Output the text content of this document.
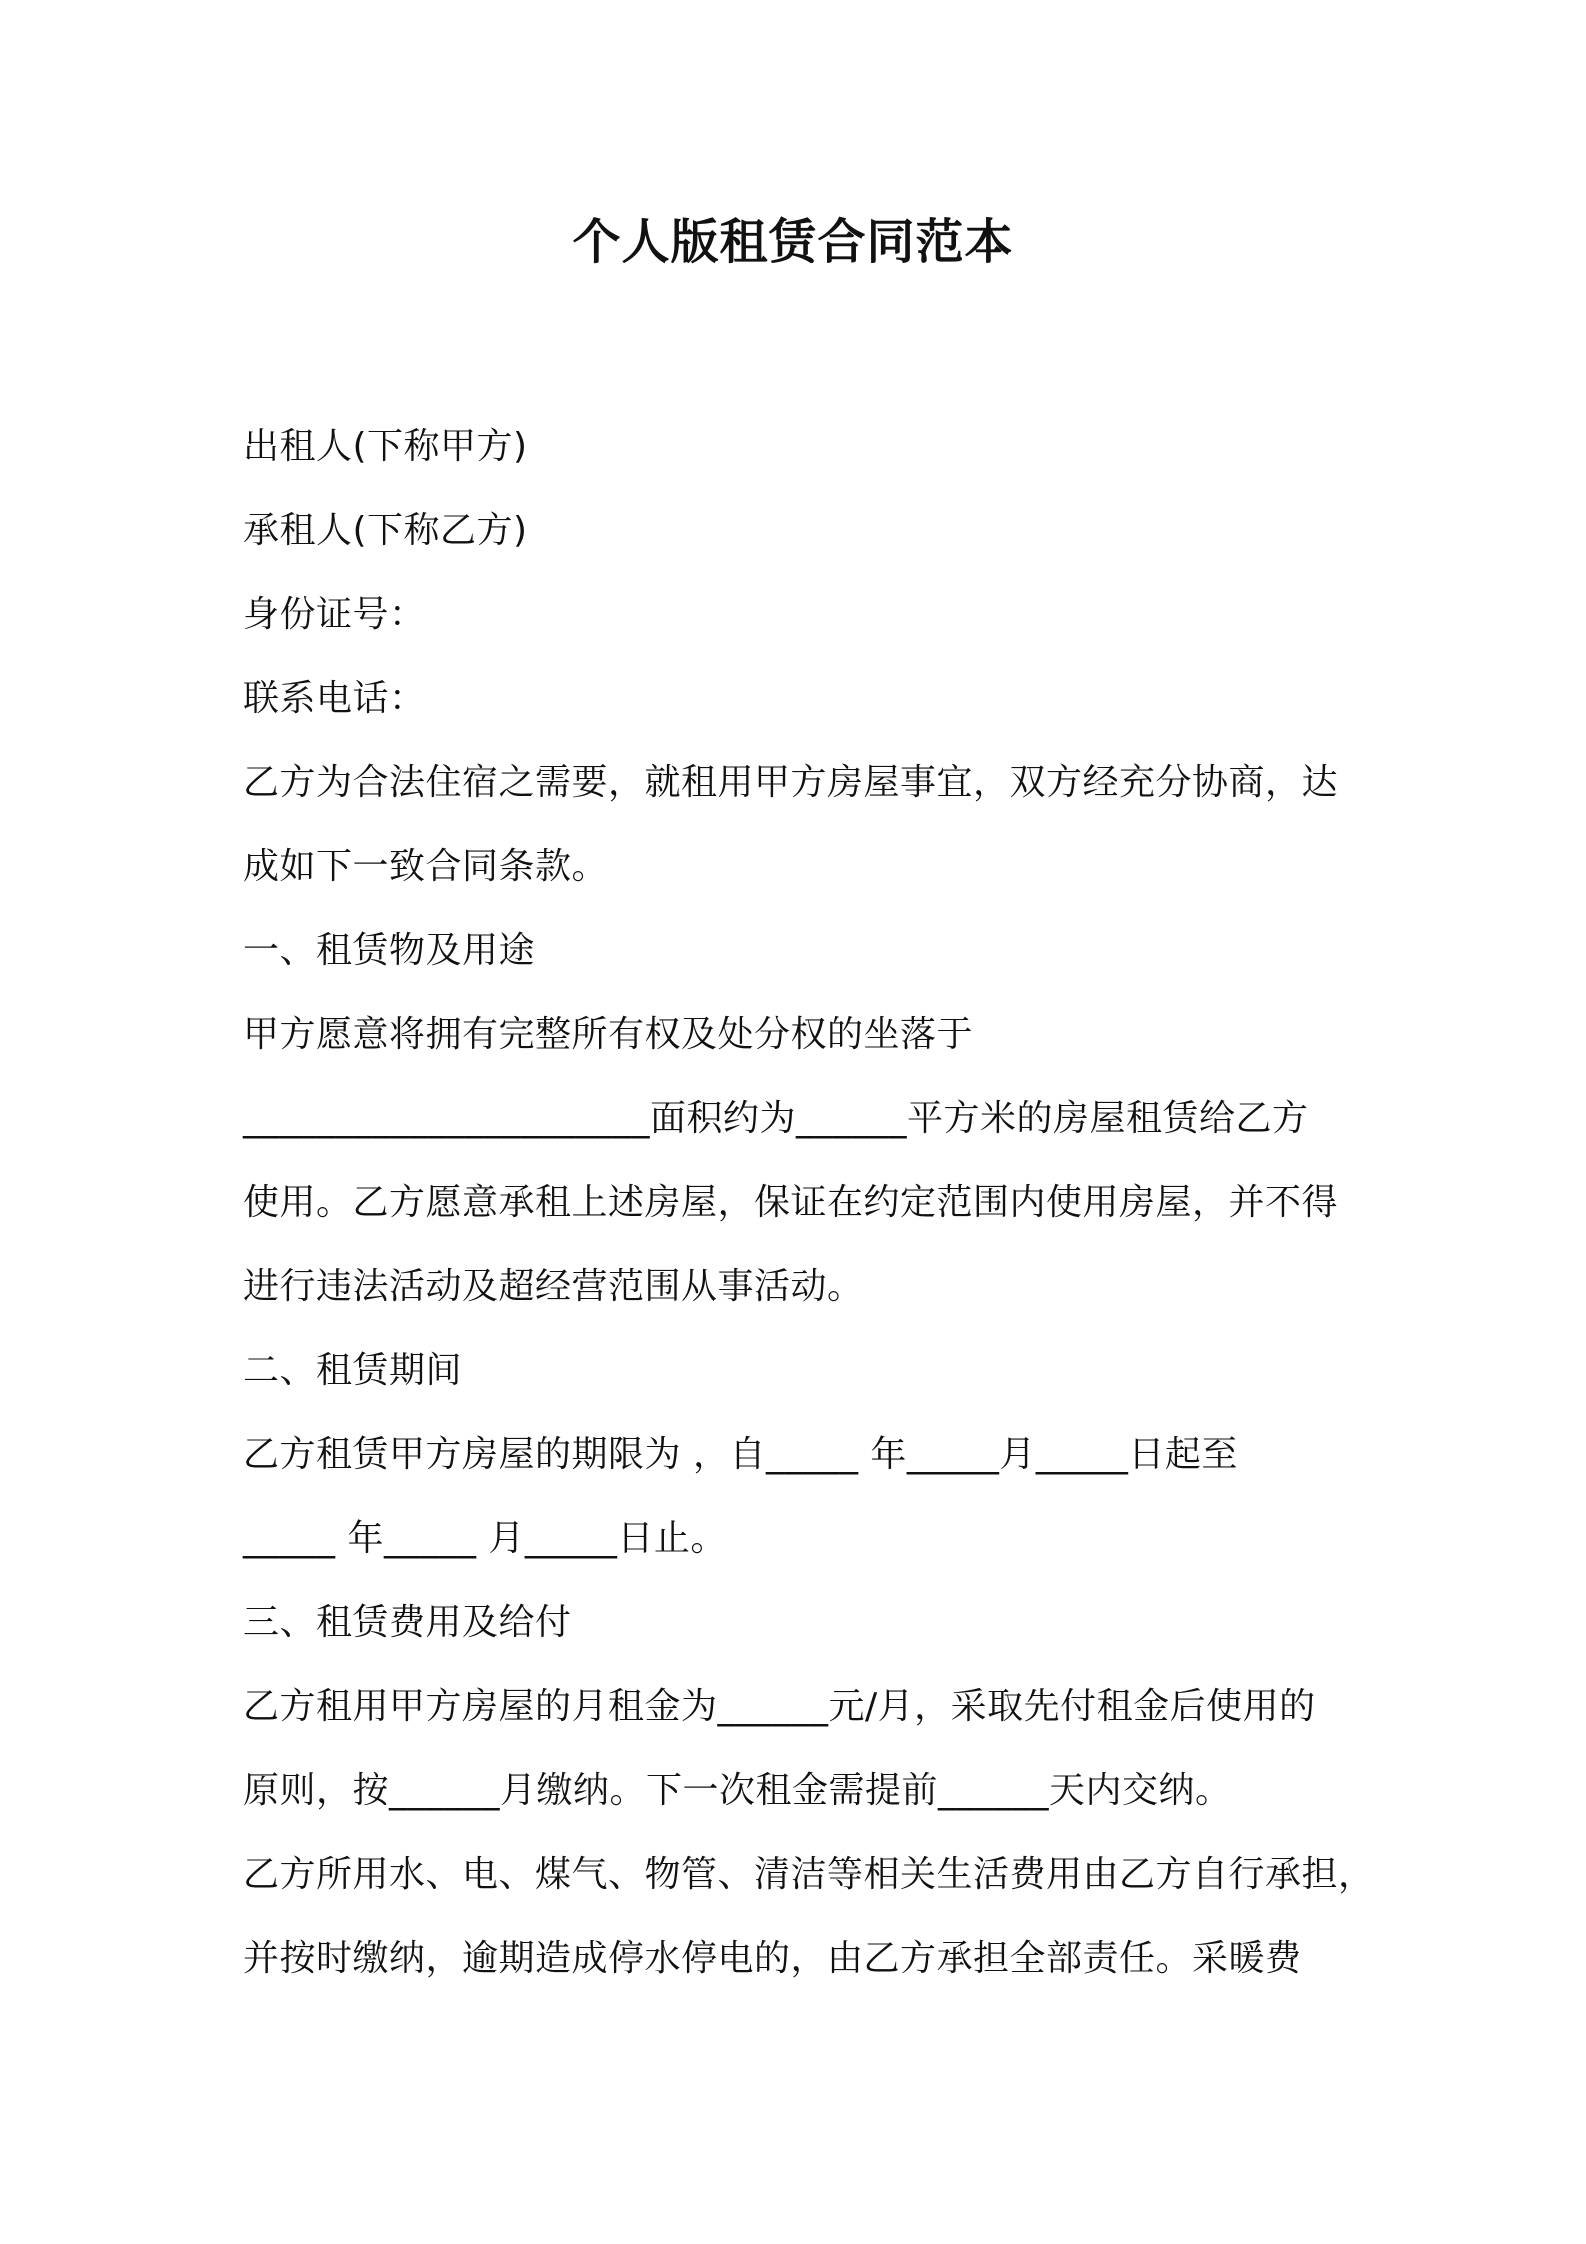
个人版租赁合同范本
出租人(下称甲方)
承租人(下称乙方)
身份证号：
联系电话：
乙方为合法住宿之需要，就租用甲方房屋事宜，双方经充分协商，达
成如下一致合同条款。
一、租赁物及用途
甲方愿意将拥有完整所有权及处分权的坐落于
______________________面积约为______平方米的房屋租赁给乙方
使用。乙方愿意承租上述房屋，保证在约定范围内使用房屋，并不得
进行违法活动及超经营范围从事活动。
二、租赁期间
乙方租赁甲方房屋的期限为 ，自_____ 年_____月_____日起至
_____ 年_____ 月_____日止。
三、租赁费用及给付
乙方租用甲方房屋的月租金为______元/月，采取先付租金后使用的
原则，按______月缴纳。下一次租金需提前______天内交纳。
乙方所用水、电、煤气、物管、清洁等相关生活费用由乙方自行承担，
并按时缴纳，逾期造成停水停电的，由乙方承担全部责任。采暖费
